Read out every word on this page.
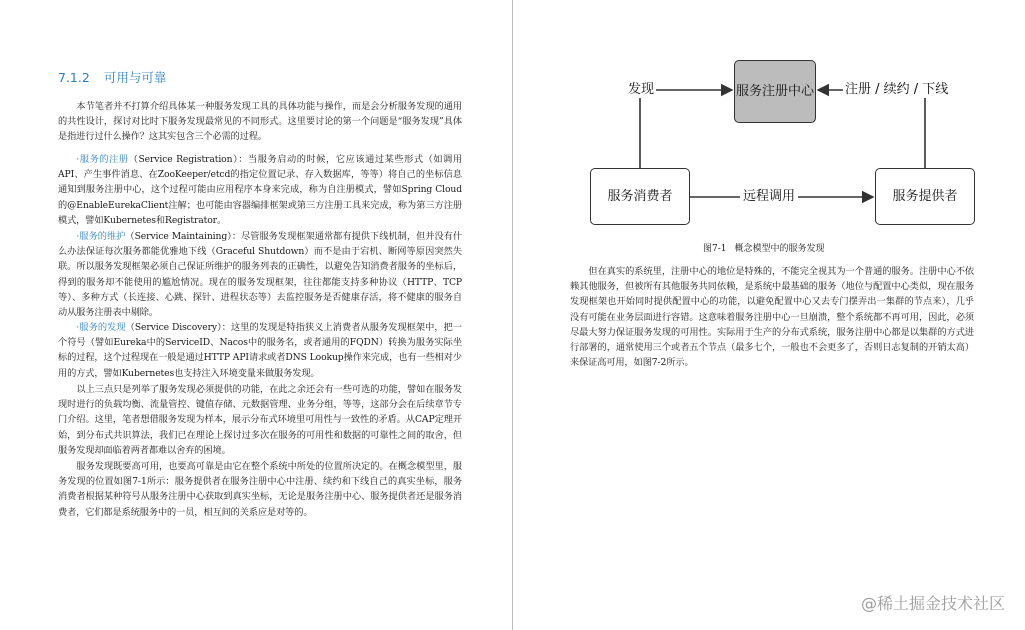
7.1.2 可用与可靠

本节笔者并不打算介绍具体某一种服务发现工具的具体功能与操作，而是会分析服务发现的通用的共性设计，探讨对比时下服务发现最常见的不同形式。这里要讨论的第一个问题是“服务发现”具体是指进行过什么操作？这其实包含三个必需的过程。

·服务的注册（Service Registration）：当服务启动的时候，它应该通过某些形式（如调用API、产生事件消息、在ZooKeeper/etcd的指定位置记录、存入数据库，等等）将自己的坐标信息通知到服务注册中心，这个过程可能由应用程序本身来完成，称为自注册模式，譬如Spring Cloud的@EnableEurekaClient注解；也可能由容器编排框架或第三方注册工具来完成，称为第三方注册模式，譬如Kubernetes和Registrator。

·服务的维护（Service Maintaining）：尽管服务发现框架通常都有提供下线机制，但并没有什么办法保证每次服务都能优雅地下线（Graceful Shutdown）而不是由于宕机、断网等原因突然失联。所以服务发现框架必须自己保证所维护的服务列表的正确性，以避免告知消费者服务的坐标后，得到的服务却不能使用的尴尬情况。现在的服务发现框架，往往都能支持多种协议（HTTP、TCP等）、多种方式（长连接、心跳、探针、进程状态等）去监控服务是否健康存活，将不健康的服务自动从服务注册表中剔除。

·服务的发现（Service Discovery）：这里的发现是特指狭义上消费者从服务发现框架中，把一个符号（譬如Eureka中的ServiceID、Nacos中的服务名，或者通用的FQDN）转换为服务实际坐标的过程，这个过程现在一般是通过HTTP API请求或者DNS Lookup操作来完成，也有一些相对少用的方式，譬如Kubernetes也支持注入环境变量来做服务发现。

以上三点只是列举了服务发现必须提供的功能，在此之余还会有一些可选的功能，譬如在服务发现时进行的负载均衡、流量管控、键值存储、元数据管理、业务分组，等等，这部分会在后续章节专门介绍。这里，笔者想借服务发现为样本，展示分布式环境里可用性与一致性的矛盾。从CAP定理开始，到分布式共识算法，我们已在理论上探讨过多次在服务的可用性和数据的可靠性之间的取舍，但服务发现却面临着两者都难以舍弃的困境。

服务发现既要高可用，也要高可靠是由它在整个系统中所处的位置所决定的。在概念模型里，服务发现的位置如图7-1所示：服务提供者在服务注册中心中注册、续约和下线自己的真实坐标，服务消费者根据某种符号从服务注册中心获取到真实坐标，无论是服务注册中心、服务提供者还是服务消费者，它们都是系统服务中的一员，相互间的关系应是对等的。

服务注册中心
服务消费者	服务提供者
发现	注册 / 续约 / 下线
远程调用
图7-1 概念模型中的服务发现

但在真实的系统里，注册中心的地位是特殊的，不能完全视其为一个普通的服务。注册中心不依赖其他服务，但被所有其他服务共同依赖，是系统中最基础的服务（地位与配置中心类似，现在服务发现框架也开始同时提供配置中心的功能，以避免配置中心又去专门摆弄出一集群的节点来），几乎没有可能在业务层面进行容错。这意味着服务注册中心一旦崩溃，整个系统都不再可用，因此，必须尽最大努力保证服务发现的可用性。实际用于生产的分布式系统，服务注册中心都是以集群的方式进行部署的，通常使用三个或者五个节点（最多七个，一般也不会更多了，否则日志复制的开销太高）来保证高可用，如图7-2所示。

@稀土掘金技术社区
